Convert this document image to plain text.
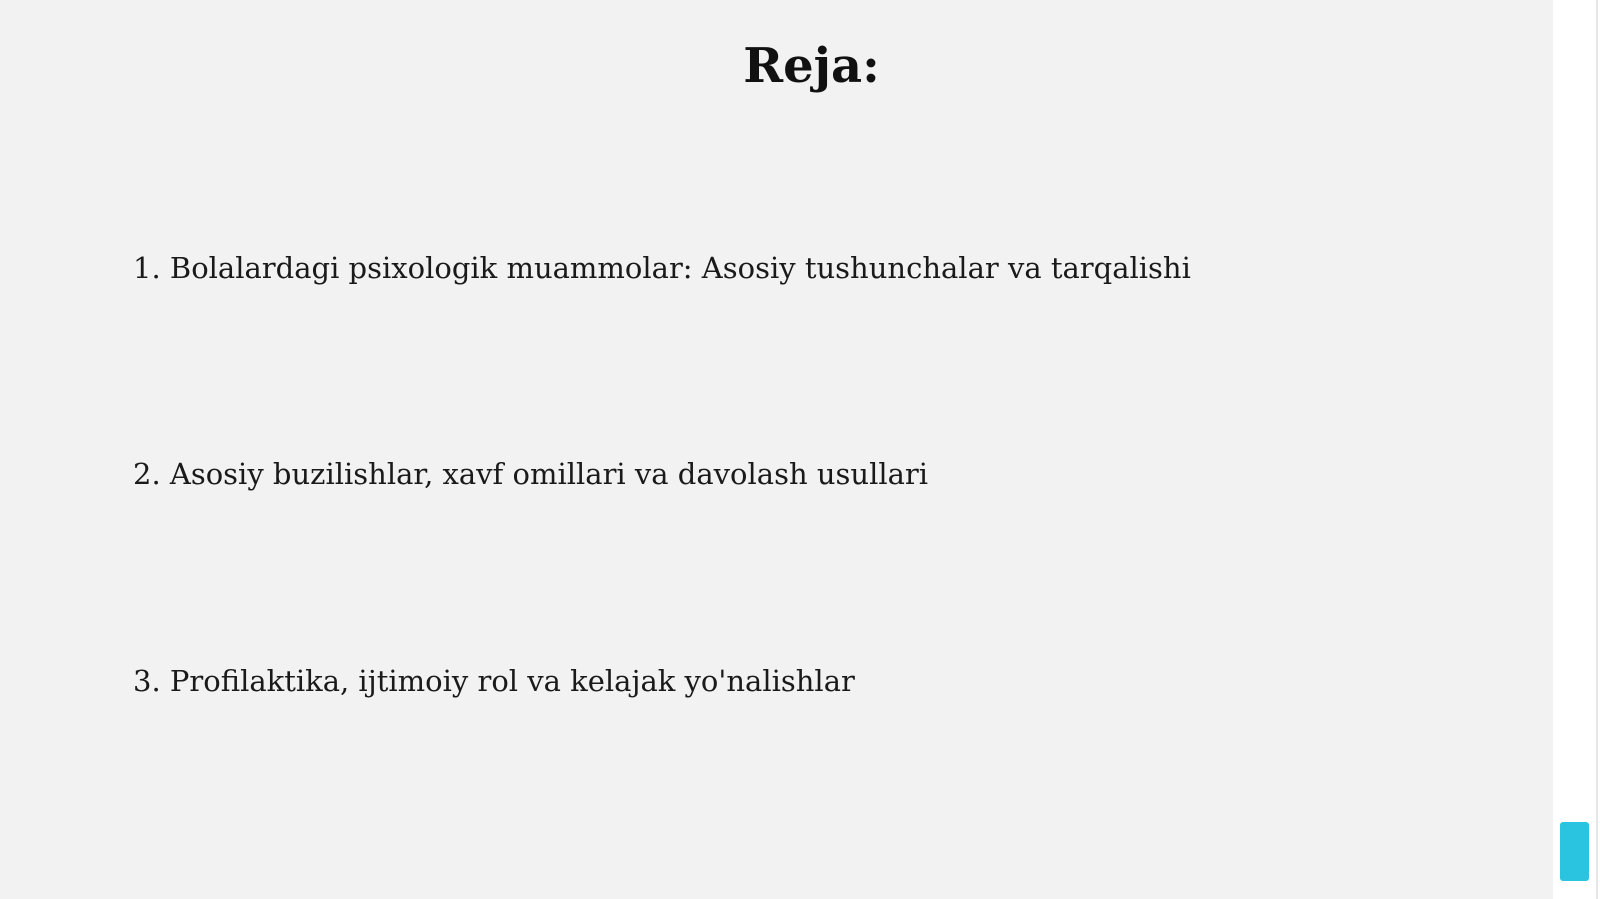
Reja:
1. Bolalardagi psixologik muammolar: Asosiy tushunchalar va tarqalishi
2. Asosiy buzilishlar, xavf omillari va davolash usullari
3. Profilaktika, ijtimoiy rol va kelajak yo'nalishlar
